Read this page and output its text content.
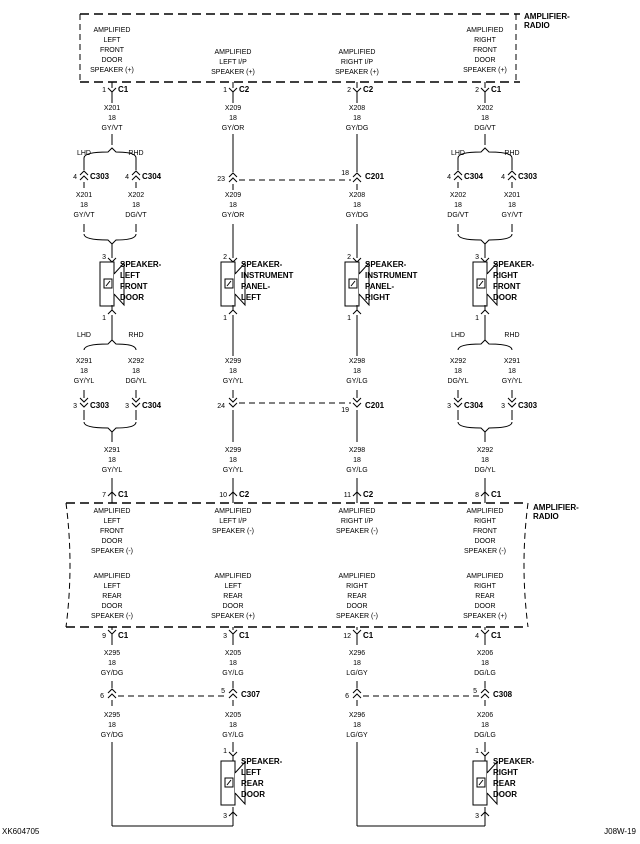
AMPLIFIER-
RADIO
AMPLIFIED
LEFT
FRONT
DOOR
SPEAKER (+)
AMPLIFIED
LEFT I/P
SPEAKER (+)
AMPLIFIED
RIGHT I/P
SPEAKER (+)
AMPLIFIED
RIGHT
FRONT
DOOR
SPEAKER (+)
1 C1	1 C2	2 C2	2 C1
X201
18
GY/VT
X209
18
GY/OR
X208
18
GY/DG
X202
18
DG/VT
LHD	RHD
4 C303 4 C304
LHD	RHD
4 C304	4 C303
X201
18
GY/VT
X202
18
DG/VT
X202
18
DG/VT
X201
18
GY/VT
23
18 C201
X209
18
GY/OR
X208
18
GY/DG
3
1
SPEAKER-
LEFT
FRONT
DOOR
2
1
SPEAKER-
INSTRUMENT
PANEL-
LEFT
2
1
SPEAKER-
INSTRUMENT
PANEL-
RIGHT
3
1
SPEAKER-
RIGHT
FRONT
DOOR
LHD	RHD
X291
18
GY/YL
X292
18
DG/YL
3 C303 3 C304
LHD	RHD
X292
18
DG/YL
X291
18
GY/YL
3 C304	3 C303
X299
18
GY/YL
X298
18
GY/LG
24
19
C201
X291
18
GY/YL
7 C1
X299
18
GY/YL
10 C2
X298
18
GY/LG
11 C2
X292
18
DG/YL
8 C1
AMPLIFIER-
RADIO
AMPLIFIED
LEFT
FRONT
DOOR
SPEAKER (-)
AMPLIFIED
LEFT I/P
SPEAKER (-)
AMPLIFIED
RIGHT I/P
SPEAKER (-)
AMPLIFIED
RIGHT
FRONT
DOOR
SPEAKER (-)
AMPLIFIED
LEFT
REAR
DOOR
SPEAKER (-)
AMPLIFIED
LEFT
REAR
DOOR
SPEAKER (+)
AMPLIFIED
RIGHT
REAR
DOOR
SPEAKER (-)
AMPLIFIED
RIGHT
REAR
DOOR
SPEAKER (+)
9 C1	3 C1	12 C1	4 C1
X295
18
GY/DG
X205
18
GY/LG
X296
18
LG/GY
X206
18
DG/LG
6
5 C307	6
5 C308
X295
18
GY/DG
X205
18
GY/LG
X296
18
LG/GY
X206
18
DG/LG
1
3
SPEAKER-
LEFT
REAR
DOOR
1
3
SPEAKER-
RIGHT
REAR
DOOR
XK604705	J08W-19
